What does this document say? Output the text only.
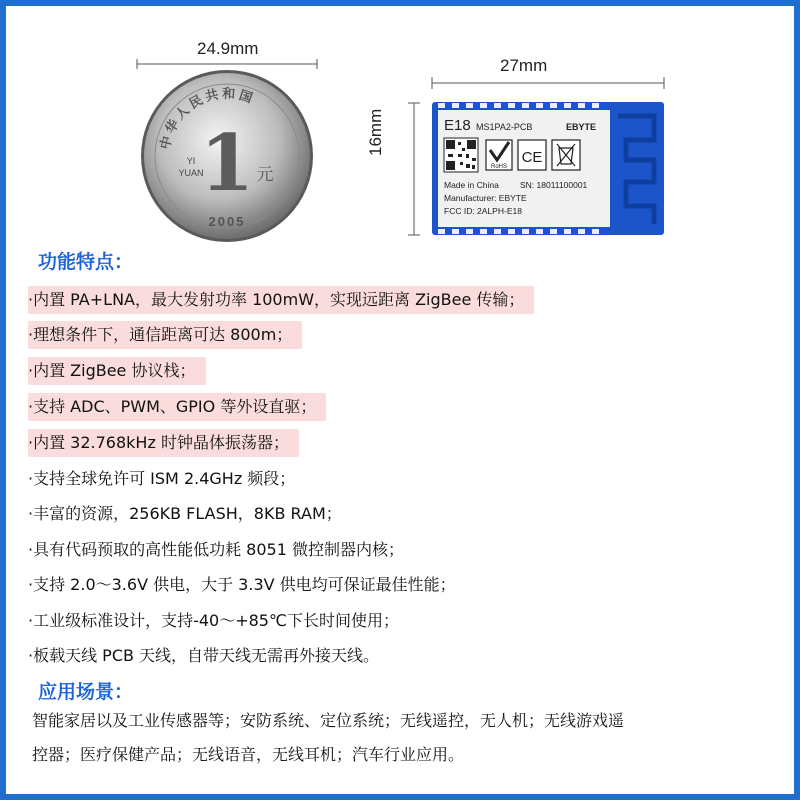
24.9mm
中华人民共和国
1
YI
YUAN	元
2005
27mm
16mm	E18 MS1PA2-PCB	EBYTE
RoHS
CE
Made in China SN: 18011100001
Manufacturer: EBYTE
FCC ID: 2ALPH-E18
功能特点：
·内置 PA+LNA，最大发射功率 100mW，实现远距离 ZigBee 传输；
·理想条件下，通信距离可达 800m；
·内置 ZigBee 协议栈；
·支持 ADC、PWM、GPIO 等外设直驱；
·内置 32.768kHz 时钟晶体振荡器；
·支持全球免许可 ISM 2.4GHz 频段；
·丰富的资源，256KB FLASH，8KB RAM；
·具有代码预取的高性能低功耗 8051 微控制器内核；
·支持 2.0～3.6V 供电，大于 3.3V 供电均可保证最佳性能；
·工业级标准设计，支持-40～+85℃下长时间使用；
·板载天线 PCB 天线，自带天线无需再外接天线。
应用场景：
智能家居以及工业传感器等；安防系统、定位系统；无线遥控，无人机；无线游戏遥
控器；医疗保健产品；无线语音，无线耳机；汽车行业应用。
